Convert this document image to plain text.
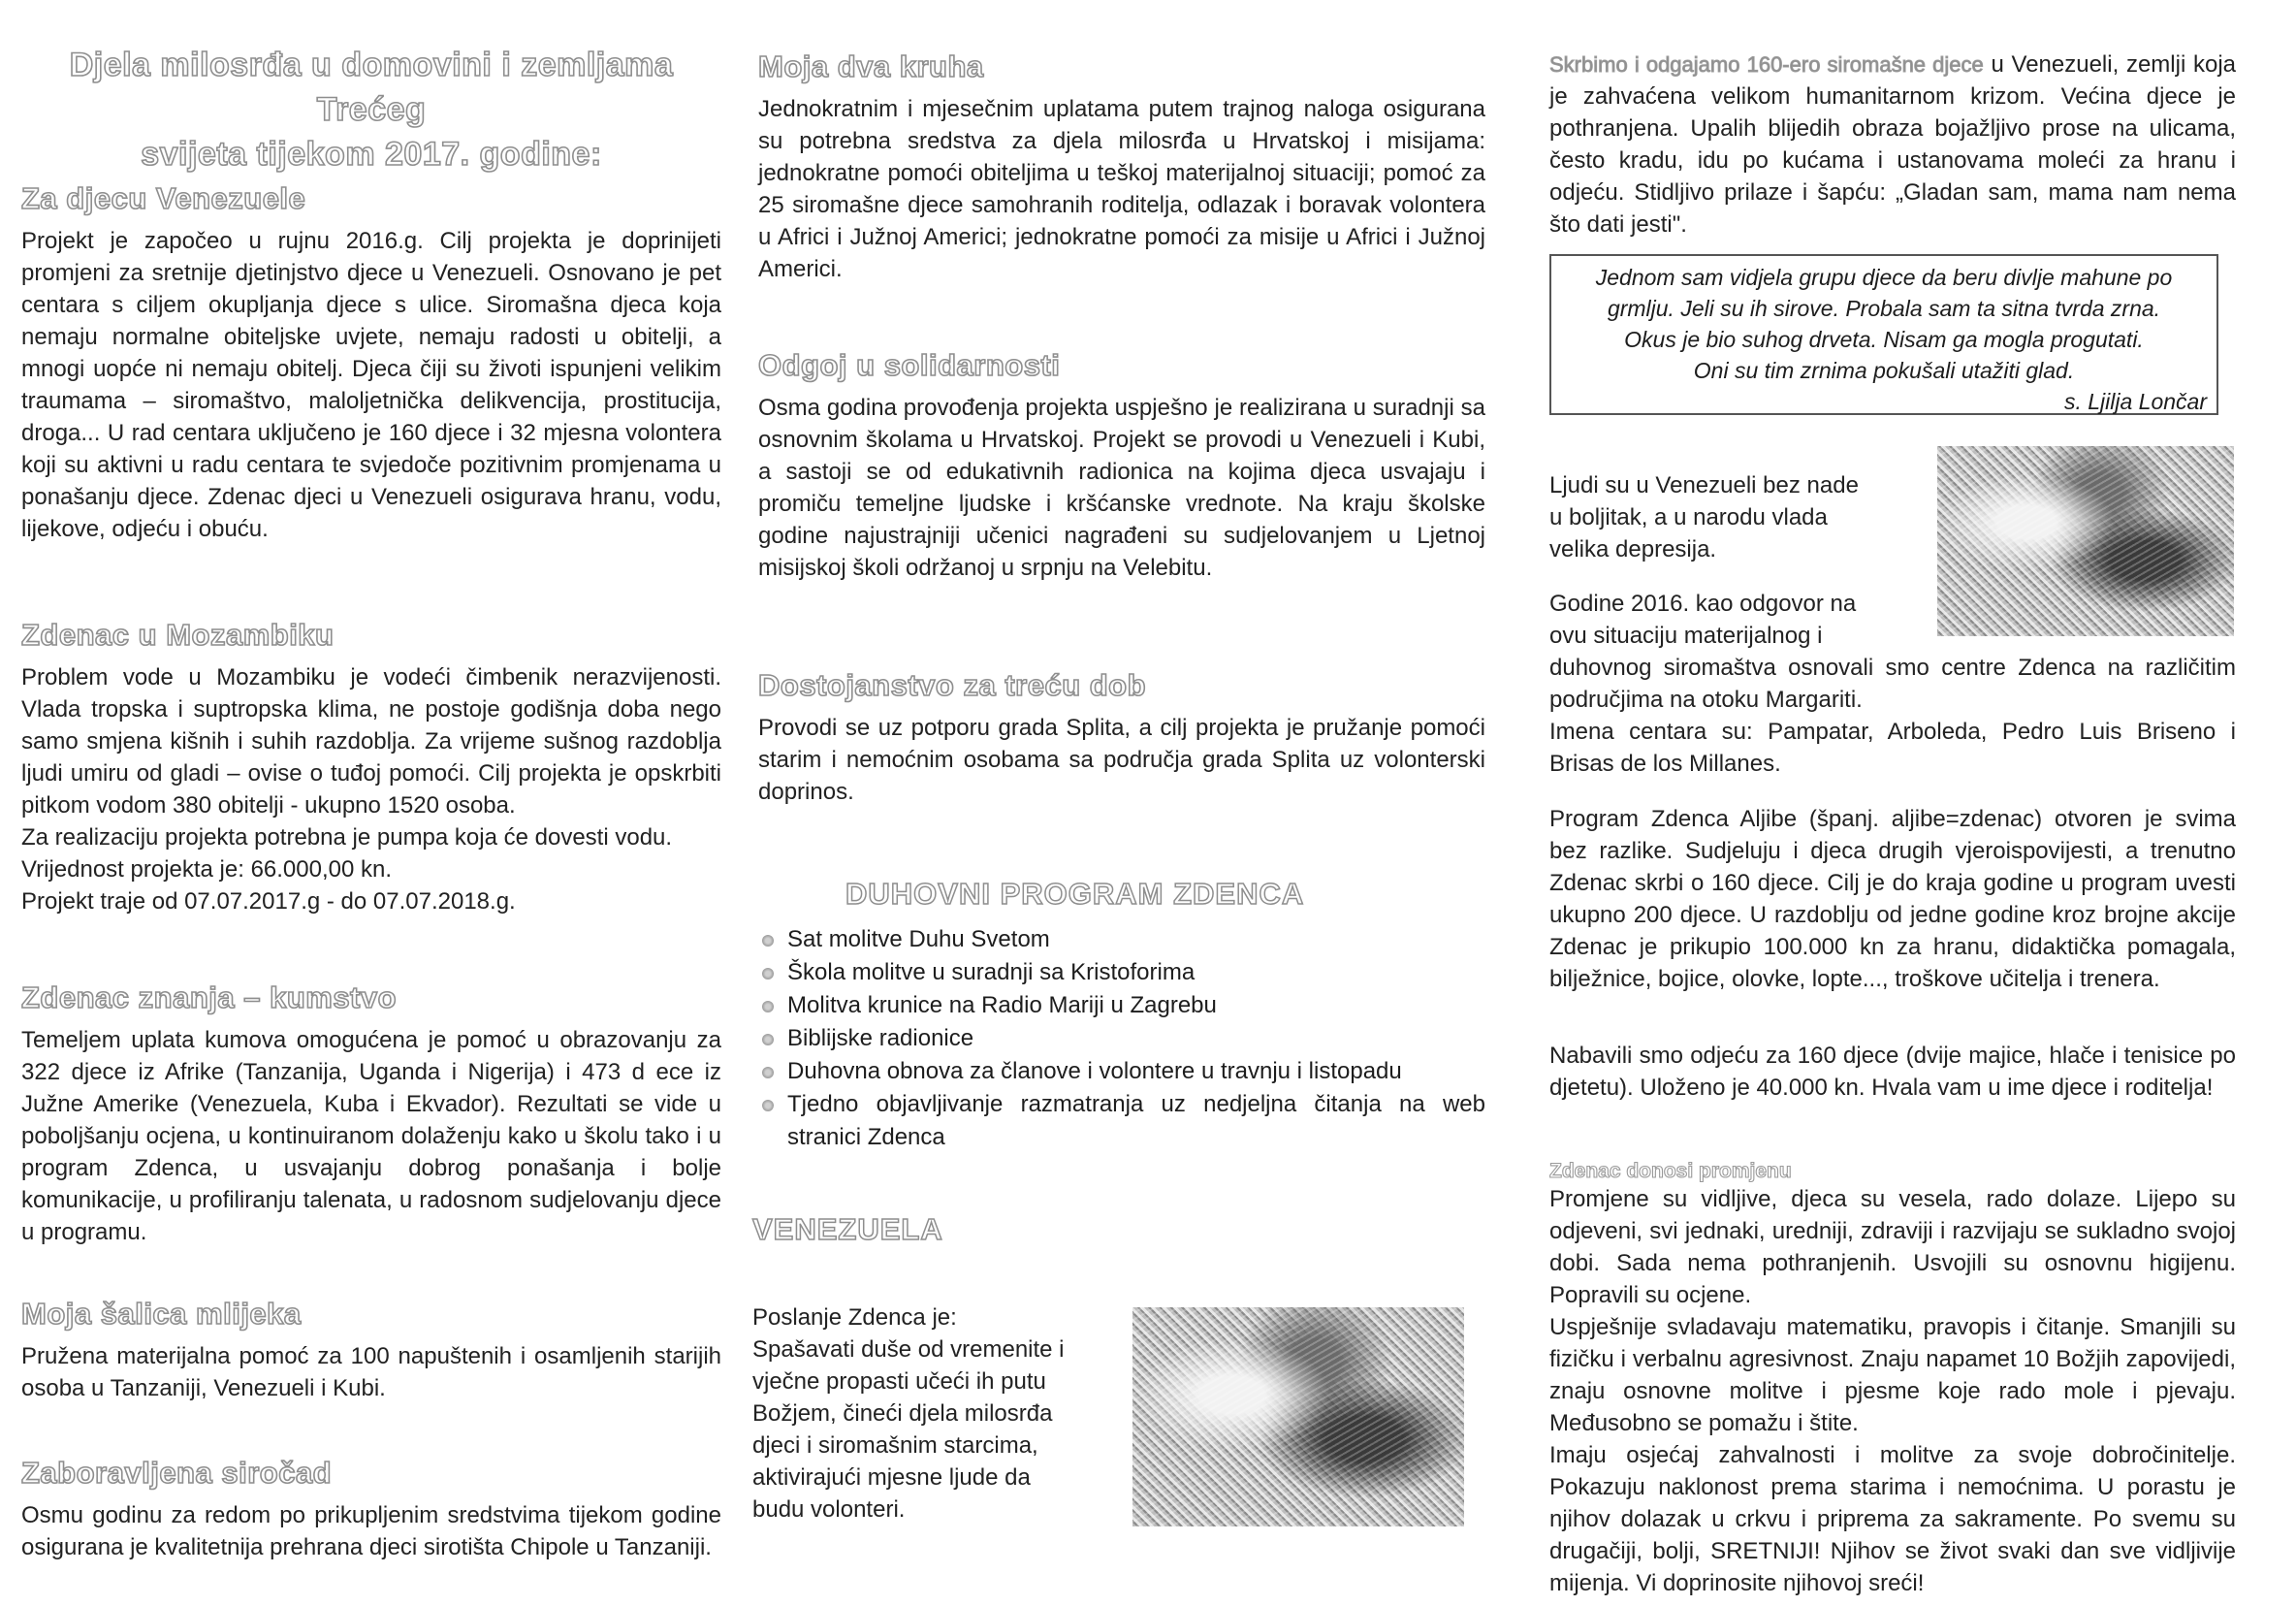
Djela milosrđa u domovini i zemljama Trećeg
svijeta tijekom 2017. godine:
Za djecu Venezuele

Projekt je započeo u rujnu 2016.g. Cilj projekta je doprinijeti promjeni za sretnije djetinjstvo djece u Venezueli. Osnovano je pet centara s ciljem okupljanja djece s ulice. Siromašna djeca koja nemaju normalne obiteljske uvjete, nemaju radosti u obitelji, a mnogi uopće ni nemaju obitelj. Djeca čiji su životi ispunjeni velikim traumama – siromaštvo, maloljetnička delikvencija, prostitucija, droga... U rad centara uključeno je 160 djece i 32 mjesna volontera koji su aktivni u radu centara te svjedoče pozitivnim promjenama u ponašanju djece. Zdenac djeci u Venezueli osigurava hranu, vodu, lijekove, odjeću i obuću.

Zdenac u Mozambiku

Problem vode u Mozambiku je vodeći čimbenik nerazvijenosti. Vlada tropska i suptropska klima, ne postoje godišnja doba nego samo smjena kišnih i suhih razdoblja. Za vrijeme sušnog razdoblja ljudi umiru od gladi – ovise o tuđoj pomoći. Cilj projekta je opskrbiti pitkom vodom 380 obitelji - ukupno 1520 osoba.

Za realizaciju projekta potrebna je pumpa koja će dovesti vodu.

Vrijednost projekta je: 66.000,00 kn.

Projekt traje od 07.07.2017.g - do 07.07.2018.g.

Zdenac znanja – kumstvo

Temeljem uplata kumova omogućena je pomoć u obrazovanju za 322 djece iz Afrike (Tanzanija, Uganda i Nigerija) i 473 d ece iz Južne Amerike (Venezuela, Kuba i Ekvador). Rezultati se vide u poboljšanju ocjena, u kontinuiranom dolaženju kako u školu tako i u program Zdenca, u usvajanju dobrog ponašanja i bolje komunikacije, u profiliranju talenata, u radosnom sudjelovanju djece u programu.

Moja šalica mlijeka

Pružena materijalna pomoć za 100 napuštenih i osamljenih starijih osoba u Tanzaniji, Venezueli i Kubi.

Zaboravljena siročad

Osmu godinu za redom po prikupljenim sredstvima tijekom godine osigurana je kvalitetnija prehrana djeci sirotišta Chipole u Tanzaniji.

Moja dva kruha

Jednokratnim i mjesečnim uplatama putem trajnog naloga osigurana su potrebna sredstva za djela milosrđa u Hrvatskoj i misijama: jednokratne pomoći obiteljima u teškoj materijalnoj situaciji; pomoć za 25 siromašne djece samohranih roditelja, odlazak i boravak volontera u Africi i Južnoj Americi; jednokratne pomoći za misije u Africi i Južnoj Americi.

Odgoj u solidarnosti

Osma godina provođenja projekta uspješno je realizirana u suradnji sa osnovnim školama u Hrvatskoj. Projekt se provodi u Venezueli i Kubi, a sastoji se od edukativnih radionica na kojima djeca usvajaju i promiču temeljne ljudske i kršćanske vrednote. Na kraju školske godine najustrajniji učenici nagrađeni su sudjelovanjem u Ljetnoj misijskoj školi održanoj u srpnju na Velebitu.

Dostojanstvo za treću dob

Provodi se uz potporu grada Splita, a cilj projekta je pružanje pomoći starim i nemoćnim osobama sa područja grada Splita uz volonterski doprinos.

DUHOVNI PROGRAM ZDENCA
Sat molitve Duhu Svetom
Škola molitve u suradnji sa Kristoforima
Molitva krunice na Radio Mariji u Zagrebu
Biblijske radionice
Duhovna obnova za članove i volontere u travnju i listopadu
Tjedno objavljivanje razmatranja uz nedjeljna čitanja na web stranici Zdenca
VENEZUELA
Poslanje Zdenca je:
Spašavati duše od vremenite i
vječne propasti učeći ih putu
Božjem, čineći djela milosrđa
djeci i siromašnim starcima,
aktivirajući mjesne ljude da
budu volonteri.

Skrbimo i odgajamo 160-ero siromašne djece u Venezueli, zemlji koja je zahvaćena velikom humanitarnom krizom. Većina djece je pothranjena. Upalih blijedih obraza bojažljivo prose na ulicama, često kradu, idu po kućama i ustanovama moleći za hranu i odjeću. Stidljivo prilaze i šapću: „Gladan sam, mama nam nema što dati jesti".

Jednom sam vidjela grupu djece da beru divlje mahune po
grmlju. Jeli su ih sirove. Probala sam ta sitna tvrda zrna.
Okus je bio suhog drveta. Nisam ga mogla progutati.
Oni su tim zrnima pokušali utažiti glad.
s. Ljilja Lončar
Ljudi su u Venezueli bez nade
u boljitak, a u narodu vlada
velika depresija.
Godine 2016. kao odgovor na
ovu situaciju materijalnog i

duhovnog siromaštva osnovali smo centre Zdenca na različitim područjima na otoku Margariti.

Imena centara su: Pampatar, Arboleda, Pedro Luis Briseno i Brisas de los Millanes.

Program Zdenca Aljibe (španj. aljibe=zdenac) otvoren je svima bez razlike. Sudjeluju i djeca drugih vjeroispovijesti, a trenutno Zdenac skrbi o 160 djece. Cilj je do kraja godine u program uvesti ukupno 200 djece. U razdoblju od jedne godine kroz brojne akcije Zdenac je prikupio 100.000 kn za hranu, didaktička pomagala, bilježnice, bojice, olovke, lopte..., troškove učitelja i trenera.

Nabavili smo odjeću za 160 djece (dvije majice, hlače i tenisice po djetetu). Uloženo je 40.000 kn. Hvala vam u ime djece i roditelja!

Zdenac donosi promjenu

Promjene su vidljive, djeca su vesela, rado dolaze. Lijepo su odjeveni, svi jednaki, uredniji, zdraviji i razvijaju se sukladno svojoj dobi. Sada nema pothranjenih. Usvojili su osnovnu higijenu. Popravili su ocjene.

Uspješnije svladavaju matematiku, pravopis i čitanje. Smanjili su fizičku i verbalnu agresivnost. Znaju napamet 10 Božjih zapovijedi, znaju osnovne molitve i pjesme koje rado mole i pjevaju. Međusobno se pomažu i štite.

Imaju osjećaj zahvalnosti i molitve za svoje dobročinitelje. Pokazuju naklonost prema starima i nemoćnima. U porastu je njihov dolazak u crkvu i priprema za sakramente. Po svemu su drugačiji, bolji, SRETNIJI! Njihov se život svaki dan sve vidljivije mijenja. Vi doprinosite njihovoj sreći!
